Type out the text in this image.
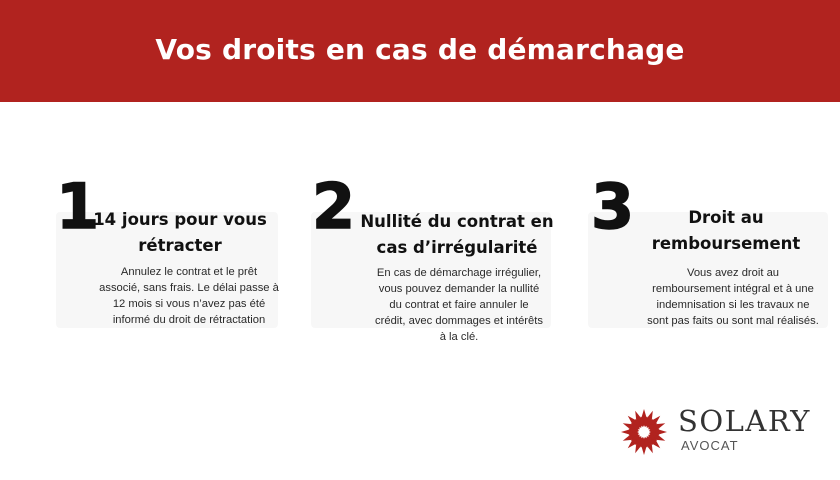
Vos droits en cas de démarchage
1
14 jours pour vous
rétracter
Annulez le contrat et le prêt
associé, sans frais. Le délai passe à
12 mois si vous n’avez pas été
informé du droit de rétractation
2 Nullité du contrat en
cas d’irrégularité
En cas de démarchage irrégulier,
vous pouvez demander la nullité
du contrat et faire annuler le
crédit, avec dommages et intérêts
à la clé.
3	Droit au
remboursement
Vous avez droit au
remboursement intégral et à une
indemnisation si les travaux ne
sont pas faits ou sont mal réalisés.
SOLARY
AVOCAT
